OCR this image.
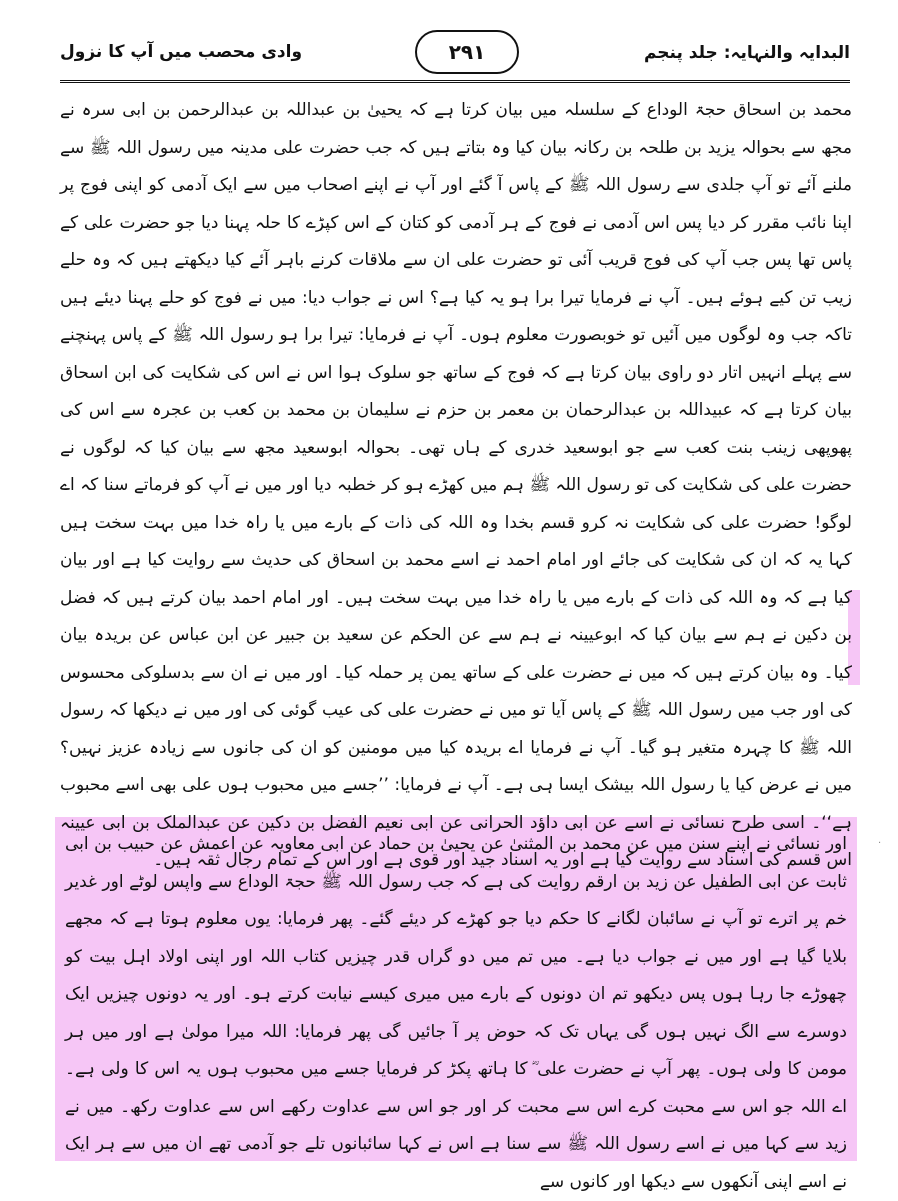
وادی محصب میں آپ کا نزول	۲۹۱	البدایہ والنہایہ: جلد پنجم

محمد بن اسحاق حجۃ الوداع کے سلسلہ میں بیان کرتا ہے کہ یحییٰ بن عبداللہ بن عبدالرحمن بن ابی سرہ نے مجھ سے بحوالہ یزید بن طلحہ بن رکانہ بیان کیا وہ بتاتے ہیں کہ جب حضرت علی مدینہ میں رسول اللہ ﷺ سے ملنے آئے تو آپ جلدی سے رسول اللہ ﷺ کے پاس آ گئے اور آپ نے اپنے اصحاب میں سے ایک آدمی کو اپنی فوج پر اپنا نائب مقرر کر دیا پس اس آدمی نے فوج کے ہر آدمی کو کتان کے اس کپڑے کا حلہ پہنا دیا جو حضرت علی کے پاس تھا پس جب آپ کی فوج قریب آئی تو حضرت علی ان سے ملاقات کرنے باہر آئے کیا دیکھتے ہیں کہ وہ حلے زیب تن کیے ہوئے ہیں۔ آپ نے فرمایا تیرا برا ہو یہ کیا ہے؟ اس نے جواب دیا: میں نے فوج کو حلے پہنا دیئے ہیں تاکہ جب وہ لوگوں میں آئیں تو خوبصورت معلوم ہوں۔ آپ نے فرمایا: تیرا برا ہو رسول اللہ ﷺ کے پاس پہنچنے سے پہلے انہیں اتار دو راوی بیان کرتا ہے کہ فوج کے ساتھ جو سلوک ہوا اس نے اس کی شکایت کی ابن اسحاق بیان کرتا ہے کہ عبیداللہ بن عبدالرحمان بن معمر بن حزم نے سلیمان بن محمد بن کعب بن عجرہ سے اس کی پھوپھی زینب بنت کعب سے جو ابوسعید خدری کے ہاں تھی۔ بحوالہ ابوسعید مجھ سے بیان کیا کہ لوگوں نے حضرت علی کی شکایت کی تو رسول اللہ ﷺ ہم میں کھڑے ہو کر خطبہ دیا اور میں نے آپ کو فرماتے سنا کہ اے لوگو! حضرت علی کی شکایت نہ کرو قسم بخدا وہ اللہ کی ذات کے بارے میں یا راہ خدا میں بہت سخت ہیں کہا یہ کہ ان کی شکایت کی جائے اور امام احمد نے اسے محمد بن اسحاق کی حدیث سے روایت کیا ہے اور بیان کیا ہے کہ وہ اللہ کی ذات کے بارے میں یا راہ خدا میں بہت سخت ہیں۔ اور امام احمد بیان کرتے ہیں کہ فضل بن دکین نے ہم سے بیان کیا کہ ابوعیینہ نے ہم سے عن الحکم عن سعید بن جبیر عن ابن عباس عن بریدہ بیان کیا۔ وہ بیان کرتے ہیں کہ میں نے حضرت علی کے ساتھ یمن پر حملہ کیا۔ اور میں نے ان سے بدسلوکی محسوس کی اور جب میں رسول اللہ ﷺ کے پاس آیا تو میں نے حضرت علی کی عیب گوئی کی اور میں نے دیکھا کہ رسول اللہ ﷺ کا چہرہ متغیر ہو گیا۔ آپ نے فرمایا اے بریدہ کیا میں مومنین کو ان کی جانوں سے زیادہ عزیز نہیں؟ میں نے عرض کیا یا رسول اللہ بیشک ایسا ہی ہے۔ آپ نے فرمایا: ’’جسے میں محبوب ہوں علی بھی اسے محبوب ہے‘‘۔ اسی طرح نسائی نے اسے عن ابی داؤد الحرانی عن ابی نعیم الفضل بن دکین عن عبدالملک بن ابی عیینہ اس قسم کی اسناد سے روایت کیا ہے اور یہ اسناد جید اور قوی ہے اور اس کے تمام رجال ثقہ ہیں۔

اور نسائی نے اپنے سنن میں عن محمد بن المثنیٰ عن یحییٰ بن حماد عن ابی معاویہ عن اعمش عن حبیب بن ابی ثابت عن ابی الطفیل عن زید بن ارقم روایت کی ہے کہ جب رسول اللہ ﷺ حجۃ الوداع سے واپس لوٹے اور غدیر خم پر اترے تو آپ نے سائبان لگانے کا حکم دیا جو کھڑے کر دیئے گئے۔ پھر فرمایا: یوں معلوم ہوتا ہے کہ مجھے بلایا گیا ہے اور میں نے جواب دیا ہے۔ میں تم میں دو گراں قدر چیزیں کتاب اللہ اور اپنی اولاد اہل بیت کو چھوڑے جا رہا ہوں پس دیکھو تم ان دونوں کے بارے میں میری کیسے نیابت کرتے ہو۔ اور یہ دونوں چیزیں ایک دوسرے سے الگ نہیں ہوں گی یہاں تک کہ حوض پر آ جائیں گی پھر فرمایا: اللہ میرا مولیٰ ہے اور میں ہر مومن کا ولی ہوں۔ پھر آپ نے حضرت علی ؓ کا ہاتھ پکڑ کر فرمایا جسے میں محبوب ہوں یہ اس کا ولی ہے۔ اے اللہ جو اس سے محبت کرے اس سے محبت کر اور جو اس سے عداوت رکھے اس سے عداوت رکھ۔ میں نے زید سے کہا میں نے اسے رسول اللہ ﷺ سے سنا ہے اس نے کہا سائبانوں تلے جو آدمی تھے ان میں سے ہر ایک نے اسے اپنی آنکھوں سے دیکھا اور کانوں سے

·
